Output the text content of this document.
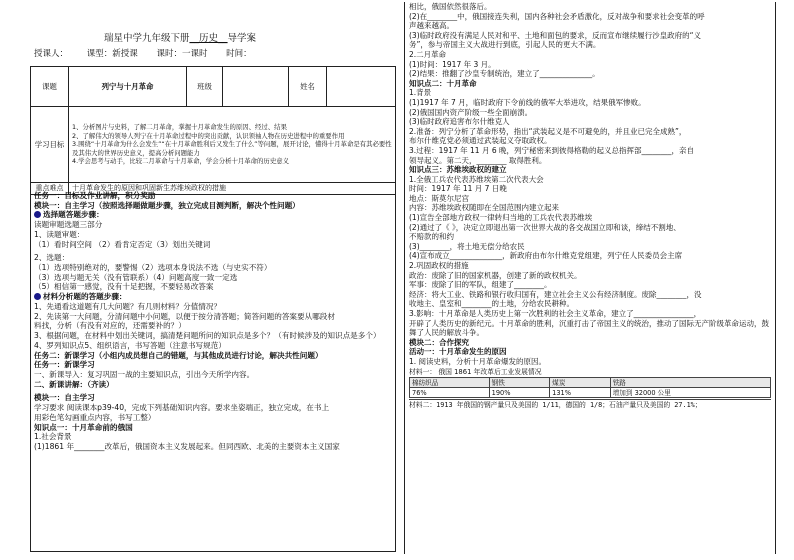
瑞星中学九年级下册__历史__导学案
授课人： 课型：新授课 课时：一课时 时间：
课题	列宁与十月革命	班级		姓名	
学习目标	1、分析图片与史料，了解二月革命，掌握十月革命发生的原因、经过、结果
2、了解伟大的领导人列宁在十月革命过程中的突出贡献，认识领袖人物在历史进程中的重要作用
3.围绕“十月革命为什么会发生”“在十月革命胜利后又发生了什么”等问题，展开讨论，懂得十月革命是有其必要性及其伟大的世界历史意义，提高分析问题能力
4.学会思考与动手，比较二月革命与十月革命，学会分析十月革命的历史意义				

重点难点	十月革命发生的原因和巩固新生苏维埃政权的措施				
任务一：目标及作业讲解，积分奖励
模块一：自主学习（按照选择题做题步骤，独立完成目测判断，解决个性问题）
选择题答题步骤：
读题审题选题三部分
1、读题审题：
（1）看时间空间 （2）看肯定否定（3）划出关键词
2、选题：
（1）选项特别绝对的，要警惕（2）选项本身说法不选（与史实不符）
（3）选项与题无关（没有管联系）（4）问题高度一致一定选
（5）相信第一感觉，没有十足把握，不要轻易改答案
材料分析题的答题步骤：
1、先通看这道题有几大问题？有几则材料？分值情况？
2、先读第一大问题，分清问题中小问题，以便于按分清答题；简答问题的答案要从哪段材
料找，分析（有没有对应的，还需要补的？）
3、根据问题，在材料中划出关键词，搞清楚问题所问的知识点是多个？（有时候涉及的知识点是多个）
4、罗列知识点5、组织语言，书写答题（注意书写规范）
任务二：新课学习（小组内成员想自己的错题，与其他成员进行讨论，解决共性问题）
任务一：新课学习
一、新课导入：复习巩固一战的主要知识点，引出今天所学内容。
二、新课讲解：（齐读）
模块一：自主学习
学习要求 阅读课本p39-40，完成下列基础知识内容。要求坐姿端正，独立完成，在书上
用彩色笔勾画重点内容，书写工整）
知识点一：十月革命前的俄国
1.社会背景
(1)1861 年________改革后，俄国资本主义发展起来。但同西欧、北美的主要资本主义国家
相比，俄国依然很落后。
(2)在________中，俄国接连失利，国内各种社会矛盾激化，反对战争和要求社会变革的呼
声越来越高。
(3)临时政府没有满足人民对和平、土地和面包的要求，反而宣布继续履行沙皇政府的“义
务”，参与帝国主义大战进行到底，引起人民的更大不满。
2.二月革命
(1)时间：1917 年 3 月。
(2)结果：推翻了沙皇专制统治，建立了______________。
知识点二：十月革命
1.背景
(1)1917 年 7 月，临时政府下令前线的俄军大举进攻，结果俄军惨败。
(2)俄国国内资产阶级一些全面崩溃。
(3)临时政府追害布尔什维克人
2.准备：列宁分析了革命形势，指出“武装起义是不可避免的，并且业已完全成熟”，
布尔什维克党必须通过武装起义夺取政权。
3.过程：1917 年 11 月 6 晚，列宁秘密来到彼得格勒的起义总指挥部________，亲自
领导起义。第二天，________ 取得胜利。
知识点三：苏维埃政权的建立
1.全俄工兵农代表苏维埃第二次代表大会
时间：1917 年 11 月 7 日晚
地点：斯莫尔尼宫
内容：苏维埃政权随即在全国范围内建立起来
(1)宣告全部地方政权一律转归当地的工兵农代表苏维埃
(2)通过了《 》，决定立即退出第一次世界大战的各交战国立即和谈，缔结不割地、
不赔款的和约
(3)________，将土地无偿分给农民
(4)宣布成立______________，新政府由布尔什维克党组建，列宁任人民委员会主席
2.巩固政权的措施
政治：废除了旧的国家机器，创建了新的政权机关。
军事：废除了旧的军队，组建了________。
经济：将大工业、铁路和银行收归国有，建立社会主义公有经济制度。废除________，没
收地主、皇室和________的土地，分给农民耕种。
3.影响：十月革命是人类历史上第一次胜利的社会主义革命，建立了________________，
开辟了人类历史的新纪元。十月革命的胜利，沉重打击了帝国主义的统治，推动了国际无产阶级革命运动，鼓舞了人民的解放斗争。
模块二：合作探究
活动一：十月革命发生的原因
1. 阅读史料，分析十月革命爆发的原因。
材料一： 俄国 1861 年改革后工业发展情况
棉纺织品	钢铁	煤炭	铁路
76%	190%	131%	增加到 32000 公里
材料二：1913 年俄国的钢产量只及美国的 1/11，德国的 1/8；石油产量只及美国的 27.1%；
